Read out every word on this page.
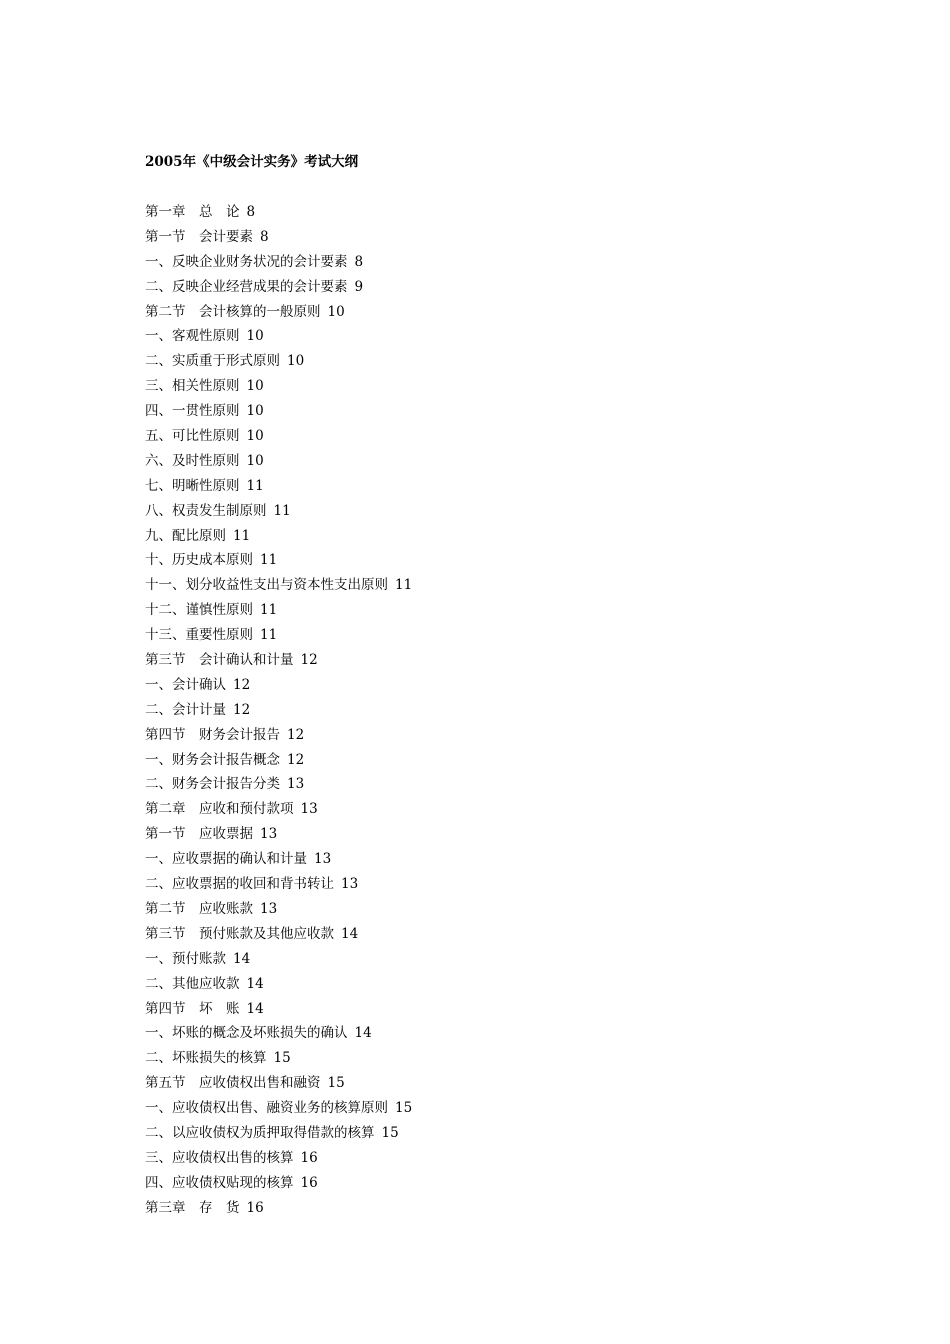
2005年《中级会计实务》考试大纲
第一章　总　论 8
第一节　会计要素 8
一、反映企业财务状况的会计要素 8
二、反映企业经营成果的会计要素 9
第二节　会计核算的一般原则 10
一、客观性原则 10
二、实质重于形式原则 10
三、相关性原则 10
四、一贯性原则 10
五、可比性原则 10
六、及时性原则 10
七、明晰性原则 11
八、权责发生制原则 11
九、配比原则 11
十、历史成本原则 11
十一、划分收益性支出与资本性支出原则 11
十二、谨慎性原则 11
十三、重要性原则 11
第三节　会计确认和计量 12
一、会计确认 12
二、会计计量 12
第四节　财务会计报告 12
一、财务会计报告概念 12
二、财务会计报告分类 13
第二章　应收和预付款项 13
第一节　应收票据 13
一、应收票据的确认和计量 13
二、应收票据的收回和背书转让 13
第二节　应收账款 13
第三节　预付账款及其他应收款 14
一、预付账款 14
二、其他应收款 14
第四节　坏　账 14
一、坏账的概念及坏账损失的确认 14
二、坏账损失的核算 15
第五节　应收债权出售和融资 15
一、应收债权出售、融资业务的核算原则 15
二、以应收债权为质押取得借款的核算 15
三、应收债权出售的核算 16
四、应收债权贴现的核算 16
第三章　存　货 16
